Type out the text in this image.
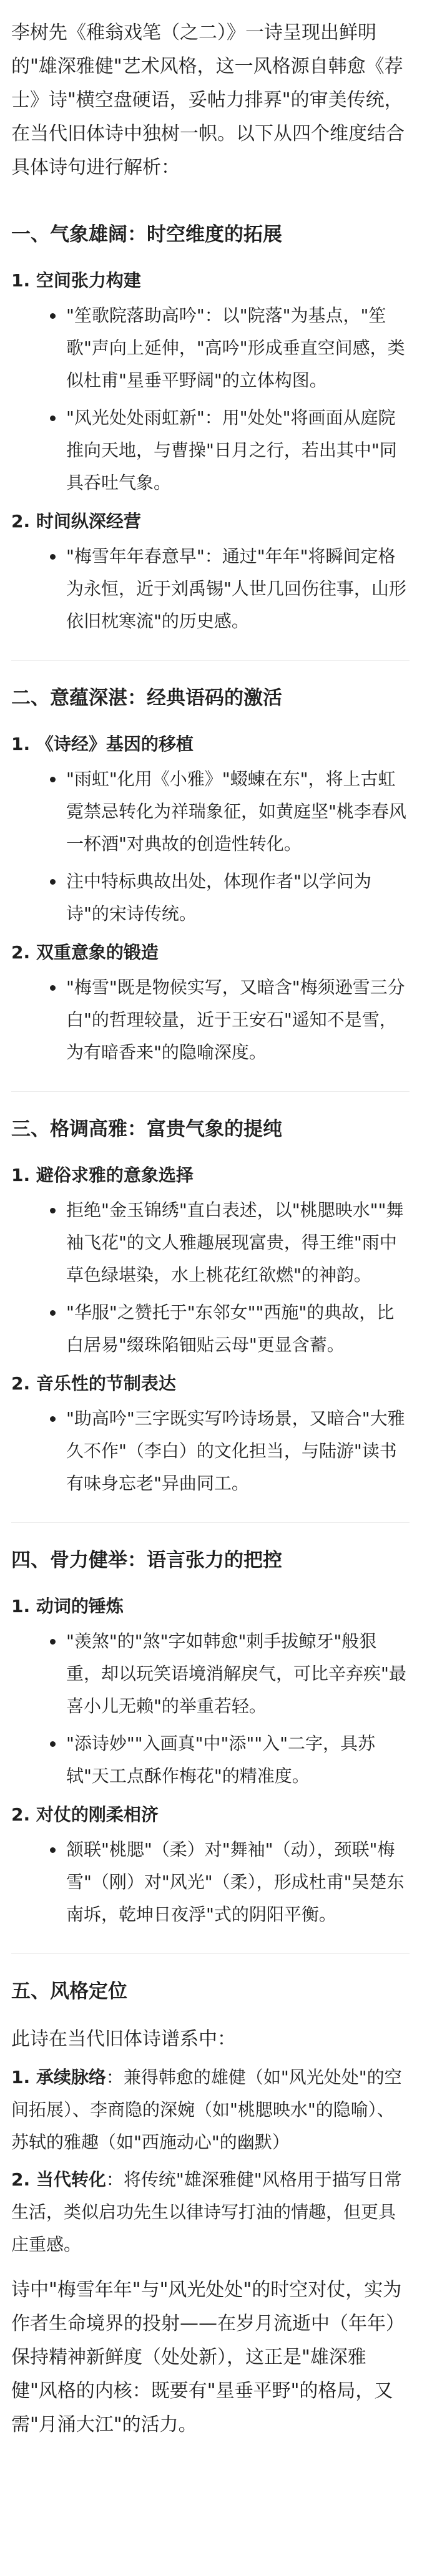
李树先《稚翁戏笔（之二）》一诗呈现出鲜明的"雄深雅健"艺术风格，这一风格源自韩愈《荐士》诗"横空盘硬语，妥帖力排奡"的审美传统，在当代旧体诗中独树一帜。以下从四个维度结合具体诗句进行解析：

一、气象雄阔：时空维度的拓展
1. 空间张力构建
"笙歌院落助高吟"：以"院落"为基点，"笙歌"声向上延伸，"高吟"形成垂直空间感，类似杜甫"星垂平野阔"的立体构图。
"风光处处雨虹新"：用"处处"将画面从庭院推向天地，与曹操"日月之行，若出其中"同具吞吐气象。
2. 时间纵深经营
"梅雪年年春意早"：通过"年年"将瞬间定格为永恒，近于刘禹锡"人世几回伤往事，山形依旧枕寒流"的历史感。
二、意蕴深湛：经典语码的激活
1. 《诗经》基因的移植
"雨虹"化用《小雅》"蝃蝀在东"，将上古虹霓禁忌转化为祥瑞象征，如黄庭坚"桃李春风一杯酒"对典故的创造性转化。
注中特标典故出处，体现作者"以学问为诗"的宋诗传统。
2. 双重意象的锻造
"梅雪"既是物候实写，又暗含"梅须逊雪三分白"的哲理较量，近于王安石"遥知不是雪，为有暗香来"的隐喻深度。
三、格调高雅：富贵气象的提纯
1. 避俗求雅的意象选择
拒绝"金玉锦绣"直白表述，以"桃腮映水""舞袖飞花"的文人雅趣展现富贵，得王维"雨中草色绿堪染，水上桃花红欲燃"的神韵。
"华服"之赞托于"东邻女""西施"的典故，比白居易"缀珠陷钿贴云母"更显含蓄。
2. 音乐性的节制表达
"助高吟"三字既实写吟诗场景，又暗合"大雅久不作"（李白）的文化担当，与陆游"读书有味身忘老"异曲同工。
四、骨力健举：语言张力的把控
1. 动词的锤炼
"羡煞"的"煞"字如韩愈"刺手拔鲸牙"般狠重，却以玩笑语境消解戾气，可比辛弃疾"最喜小儿无赖"的举重若轻。
"添诗妙""入画真"中"添""入"二字，具苏轼"天工点酥作梅花"的精准度。
2. 对仗的刚柔相济
颔联"桃腮"（柔）对"舞袖"（动），颈联"梅雪"（刚）对"风光"（柔），形成杜甫"吴楚东南坼，乾坤日夜浮"式的阴阳平衡。
五、风格定位

此诗在当代旧体诗谱系中：

1. 承续脉络：兼得韩愈的雄健（如"风光处处"的空间拓展）、李商隐的深婉（如"桃腮映水"的隐喻）、苏轼的雅趣（如"西施动心"的幽默）
2. 当代转化：将传统"雄深雅健"风格用于描写日常生活，类似启功先生以律诗写打油的情趣，但更具庄重感。

诗中"梅雪年年"与"风光处处"的时空对仗，实为作者生命境界的投射——在岁月流逝中（年年）保持精神新鲜度（处处新），这正是"雄深雅健"风格的内核：既要有"星垂平野"的格局，又需"月涌大江"的活力。
